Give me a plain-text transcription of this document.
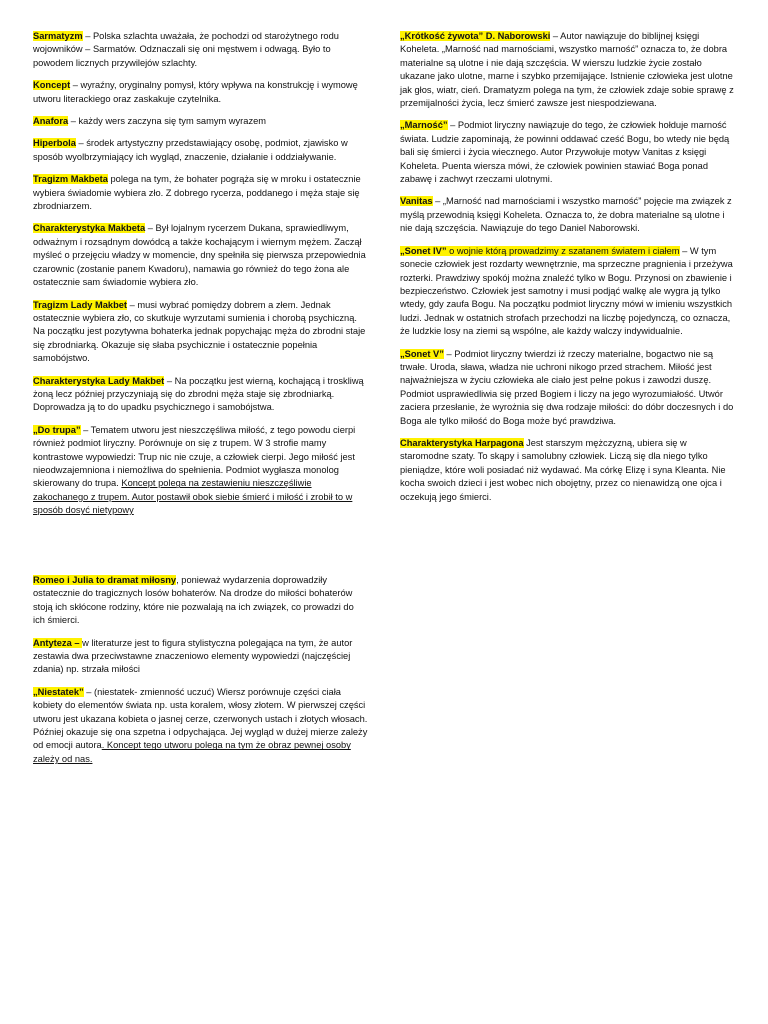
Sarmatyzm – Polska szlachta uważała, że pochodzi od starożytnego rodu wojowników – Sarmatów. Odznaczali się oni męstwem i odwagą. Było to powodem licznych przywilejów szlachty.

Koncept – wyraźny, oryginalny pomysł, który wpływa na konstrukcję i wymowę utworu literackiego oraz zaskakuje czytelnika.

Anafora – każdy wers zaczyna się tym samym wyrazem

Hiperbola – środek artystyczny przedstawiający osobę, podmiot, zjawisko w sposób wyolbrzymiający ich wygląd, znaczenie, działanie i oddziaływanie.

Tragizm Makbeta polega na tym, że bohater pogrąża się w mroku i ostatecznie wybiera świadomie wybiera zło. Z dobrego rycerza, poddanego i męża staje się zbrodniarzem.

Charakterystyka Makbeta – Był lojalnym rycerzem Dukana, sprawiedliwym, odważnym i rozsądnym dowódcą a także kochającym i wiernym mężem. Zaczął myśleć o przejęciu władzy w momencie, dny spełniła się pierwsza przepowiednia czarownic (zostanie panem Kwadoru), namawia go również do tego żona ale ostatecznie sam świadomie wybiera zło.

Tragizm Lady Makbet – musi wybrać pomiędzy dobrem a złem. Jednak ostatecznie wybiera zło, co skutkuje wyrzutami sumienia i chorobą psychiczną. Na początku jest pozytywna bohaterka jednak popychając męża do zbrodni staje się zbrodniarką. Okazuje się słaba psychicznie i ostatecznie popełnia samobójstwo.

Charakterystyka Lady Makbet – Na początku jest wierną, kochającą i troskliwą żoną lecz później przyczyniają się do zbrodni męża staje się zbrodniarką. Doprowadza ją to do upadku psychicznego i samobójstwa.

„Do trupa” – Tematem utworu jest nieszczęśliwa miłość, z tego powodu cierpi również podmiot liryczny. Porównuje on się z trupem. W 3 strofie mamy kontrastowe wypowiedzi: Trup nic nie czuje, a człowiek cierpi. Jego miłość jest nieodwzajemniona i niemożliwa do spełnienia. Podmiot wygłasza monolog skierowany do trupa. Koncept polega na zestawieniu nieszczęśliwie zakochanego z trupem. Autor postawił obok siebie śmierć i miłość i zrobił to w sposób dosyć nietypowy

Romeo i Julia to dramat miłosny, ponieważ wydarzenia doprowadziły ostatecznie do tragicznych losów bohaterów. Na drodze do miłości bohaterów stoją ich skłócone rodziny, które nie pozwalają na ich związek, co prowadzi do ich śmierci.

Antyteza – w literaturze jest to figura stylistyczna polegająca na tym, że autor zestawia dwa przeciwstawne znaczeniowo elementy wypowiedzi (najczęściej zdania) np. strzała miłości

„Niestatek” – (niestatek- zmienność uczuć) Wiersz porównuje części ciała kobiety do elementów świata np. usta koralem, włosy złotem. W pierwszej części utworu jest ukazana kobieta o jasnej cerze, czerwonych ustach i złotych włosach. Później okazuje się ona szpetna i odpychająca. Jej wygląd w dużej mierze zależy od emocji autora. Koncept tego utworu polega na tym że obraz pewnej osoby zależy od nas.

„Krótkość żywota” D. Naborowski – Autor nawiązuje do biblijnej księgi Koheleta. „Marność nad marnościami, wszystko marność” oznacza to, że dobra materialne są ulotne i nie dają szczęścia. W wierszu ludzkie życie zostało ukazane jako ulotne, marne i szybko przemijające. Istnienie człowieka jest ulotne jak głos, wiatr, cień. Dramatyzm polega na tym, że człowiek zdaje sobie sprawę z przemijalności życia, lecz śmierć zawsze jest niespodziewana.

„Marność” – Podmiot liryczny nawiązuje do tego, że człowiek hołduje marność świata. Ludzie zapominają, że powinni oddawać cześć Bogu, bo wtedy nie będą bali się śmierci i życia wiecznego. Autor Przywołuje motyw Vanitas z księgi Koheleta. Puenta wiersza mówi, że człowiek powinien stawiać Boga ponad zabawę i zachwyt rzeczami ulotnymi.

Vanitas – „Marność nad marnościami i wszystko marność” pojęcie ma związek z myślą przewodnią księgi Koheleta. Oznacza to, że dobra materialne są ulotne i nie dają szczęścia. Nawiązuje do tego Daniel Naborowski.

„Sonet IV” o wojnie którą prowadzimy z szatanem światem i ciałem – W tym sonecie człowiek jest rozdarty wewnętrznie, ma sprzeczne pragnienia i przeżywa rozterki. Prawdziwy spokój można znaleźć tylko w Bogu. Przynosi on zbawienie i bezpieczeństwo. Człowiek jest samotny i musi podjąć walkę ale wygra ją tylko wtedy, gdy zaufa Bogu. Na początku podmiot liryczny mówi w imieniu wszystkich ludzi. Jednak w ostatnich strofach przechodzi na liczbę pojedynczą, co oznacza, że ludzkie losy na ziemi są wspólne, ale każdy walczy indywidualnie.

„Sonet V” – Podmiot liryczny twierdzi iż rzeczy materialne, bogactwo nie są trwałe. Uroda, sława, władza nie uchroni nikogo przed strachem. Miłość jest najważniejsza w życiu człowieka ale ciało jest pełne pokus i zawodzi duszę. Podmiot usprawiedliwia się przed Bogiem i liczy na jego wyrozumiałość. Utwór zaciera przesłanie, że wyrożnia się dwa rodzaje miłości: do dóbr doczesnych i do Boga ale tylko miłość do Boga może być prawdziwa.

Charakterystyka Harpagona Jest starszym mężczyzną, ubiera się w staromodne szaty. To skąpy i samolubny człowiek. Liczą się dla niego tylko pieniądze, które woli posiadać niż wydawać. Ma córkę Elizę i syna Kleanta. Nie kocha swoich dzieci i jest wobec nich obojętny, przez co nienawidzą one ojca i oczekują jego śmierci.
